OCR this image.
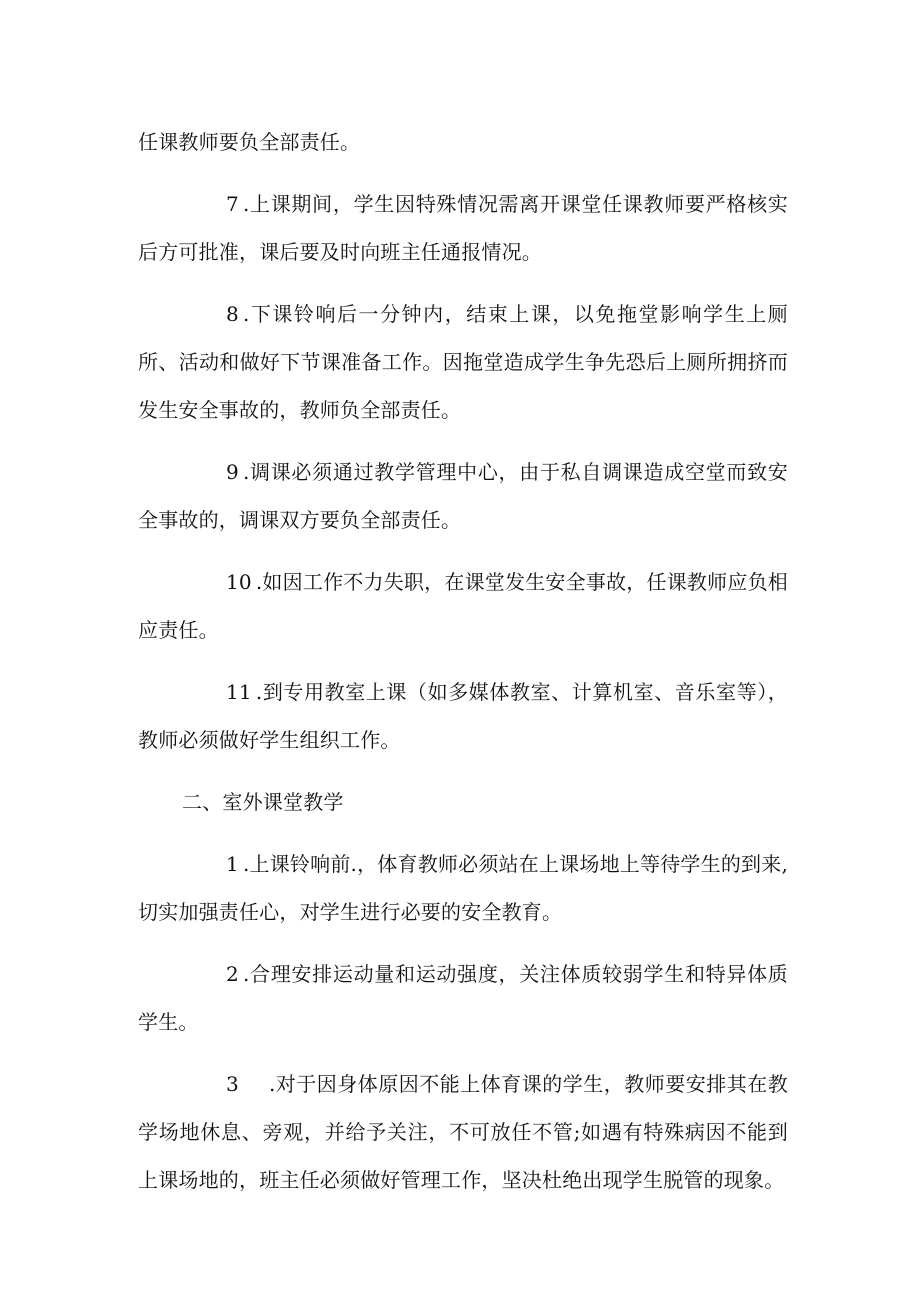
任课教师要负全部责任。

7.上课期间，学生因特殊情况需离开课堂任课教师要严格核实后方可批准，课后要及时向班主任通报情况。

8.下课铃响后一分钟内，结束上课，以免拖堂影响学生上厕所、活动和做好下节课准备工作。因拖堂造成学生争先恐后上厕所拥挤而发生安全事故的，教师负全部责任。

9.调课必须通过教学管理中心，由于私自调课造成空堂而致安全事故的，调课双方要负全部责任。

10.如因工作不力失职，在课堂发生安全事故，任课教师应负相应责任。

11.到专用教室上课（如多媒体教室、计算机室、音乐室等），教师必须做好学生组织工作。

二、室外课堂教学

1.上课铃响前.，体育教师必须站在上课场地上等待学生的到来,切实加强责任心，对学生进行必要的安全教育。

2.合理安排运动量和运动强度，关注体质较弱学生和特异体质学生。

3 .对于因身体原因不能上体育课的学生，教师要安排其在教学场地休息、旁观，并给予关注，不可放任不管;如遇有特殊病因不能到上课场地的，班主任必须做好管理工作，坚决杜绝出现学生脱管的现象。
